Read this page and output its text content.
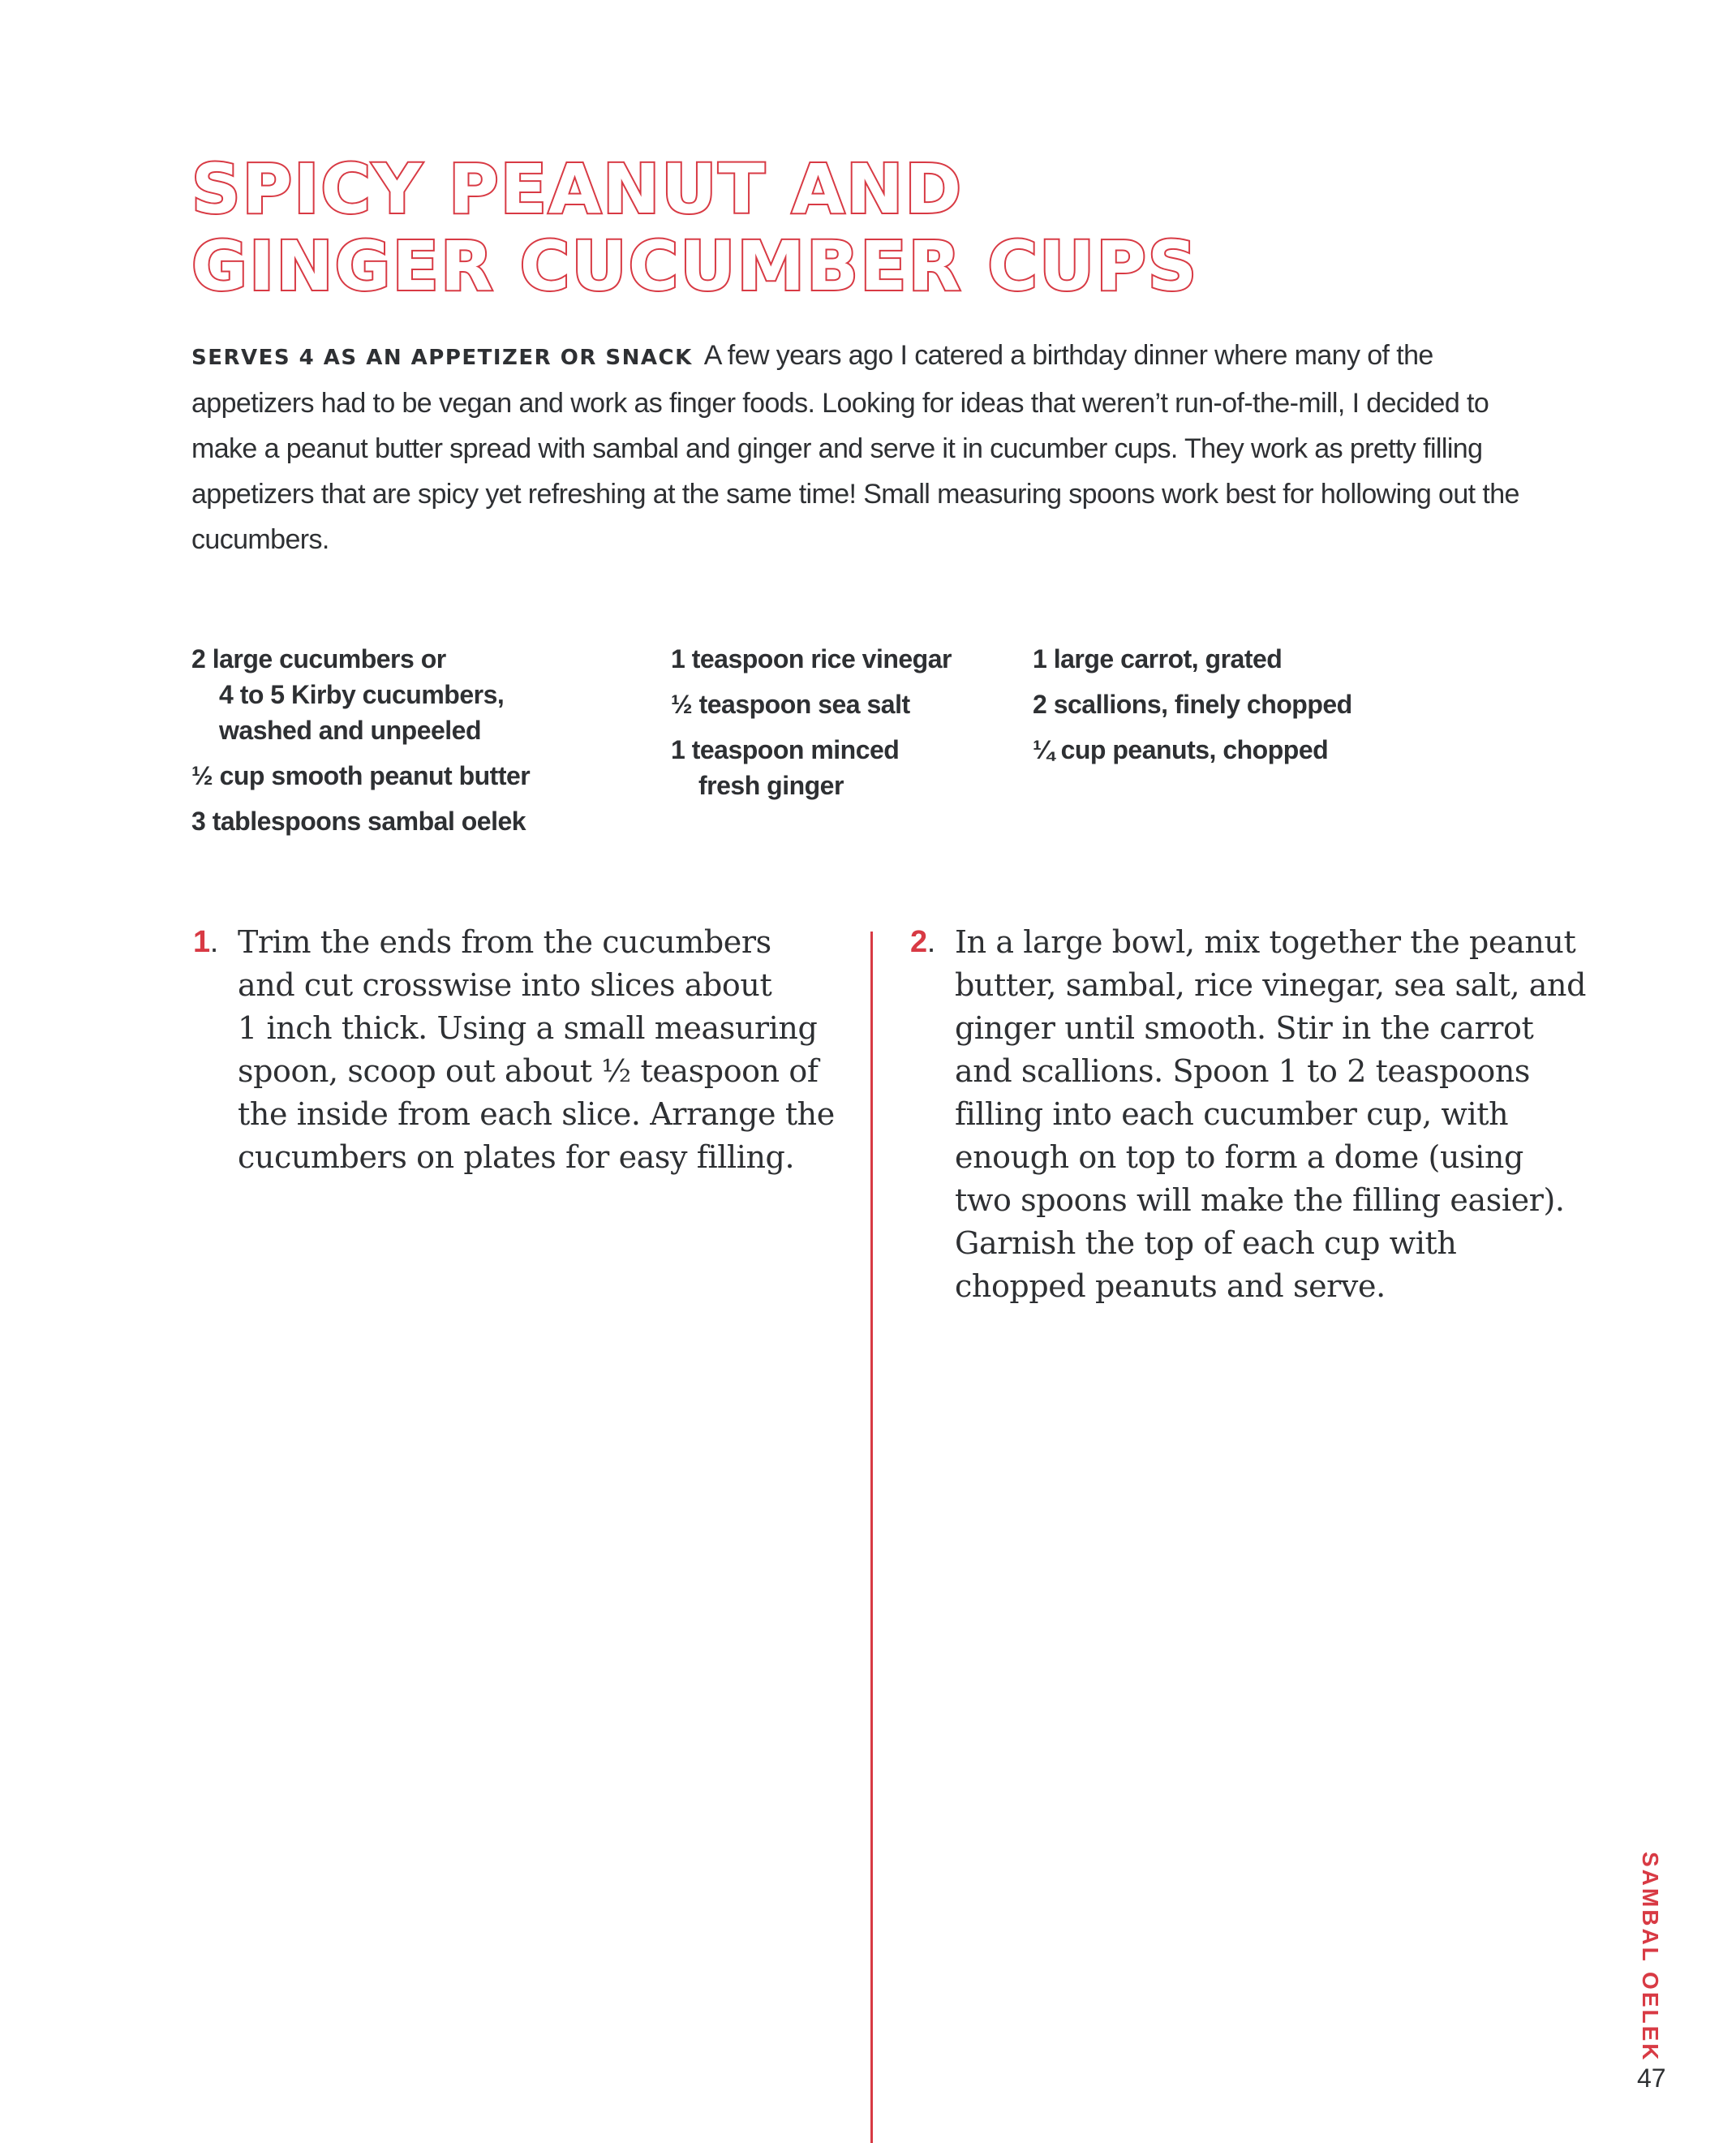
SPICY PEANUT AND
GINGER CUCUMBER CUPS

SERVES 4 AS AN APPETIZER OR SNACK A few years ago I catered a birthday dinner where many of the appetizers had to be vegan and work as finger foods. Looking for ideas that weren’t run-of-the-mill, I decided to make a peanut butter spread with sambal and ginger and serve it in cucumber cups. They work as pretty filling appetizers that are spicy yet refreshing at the same time! Small measuring spoons work best for hollowing out the cucumbers.

2 large cucumbers or
4 to 5 Kirby cucumbers,
washed and unpeeled
½ cup smooth peanut butter
3 tablespoons sambal oelek
1 teaspoon rice vinegar
½ teaspoon sea salt
1 teaspoon minced
fresh ginger
1 large carrot, grated
2 scallions, finely chopped
¼ cup peanuts, chopped
1. Trim the ends from the cucumbers
and cut crosswise into slices about
1 inch thick. Using a small measuring
spoon, scoop out about ½ teaspoon of
the inside from each slice. Arrange the
cucumbers on plates for easy filling.
2. In a large bowl, mix together the peanut
butter, sambal, rice vinegar, sea salt, and
ginger until smooth. Stir in the carrot
and scallions. Spoon 1 to 2 teaspoons
filling into each cucumber cup, with
enough on top to form a dome (using
two spoons will make the filling easier).
Garnish the top of each cup with
chopped peanuts and serve.
SAMBAL OELEK
47
